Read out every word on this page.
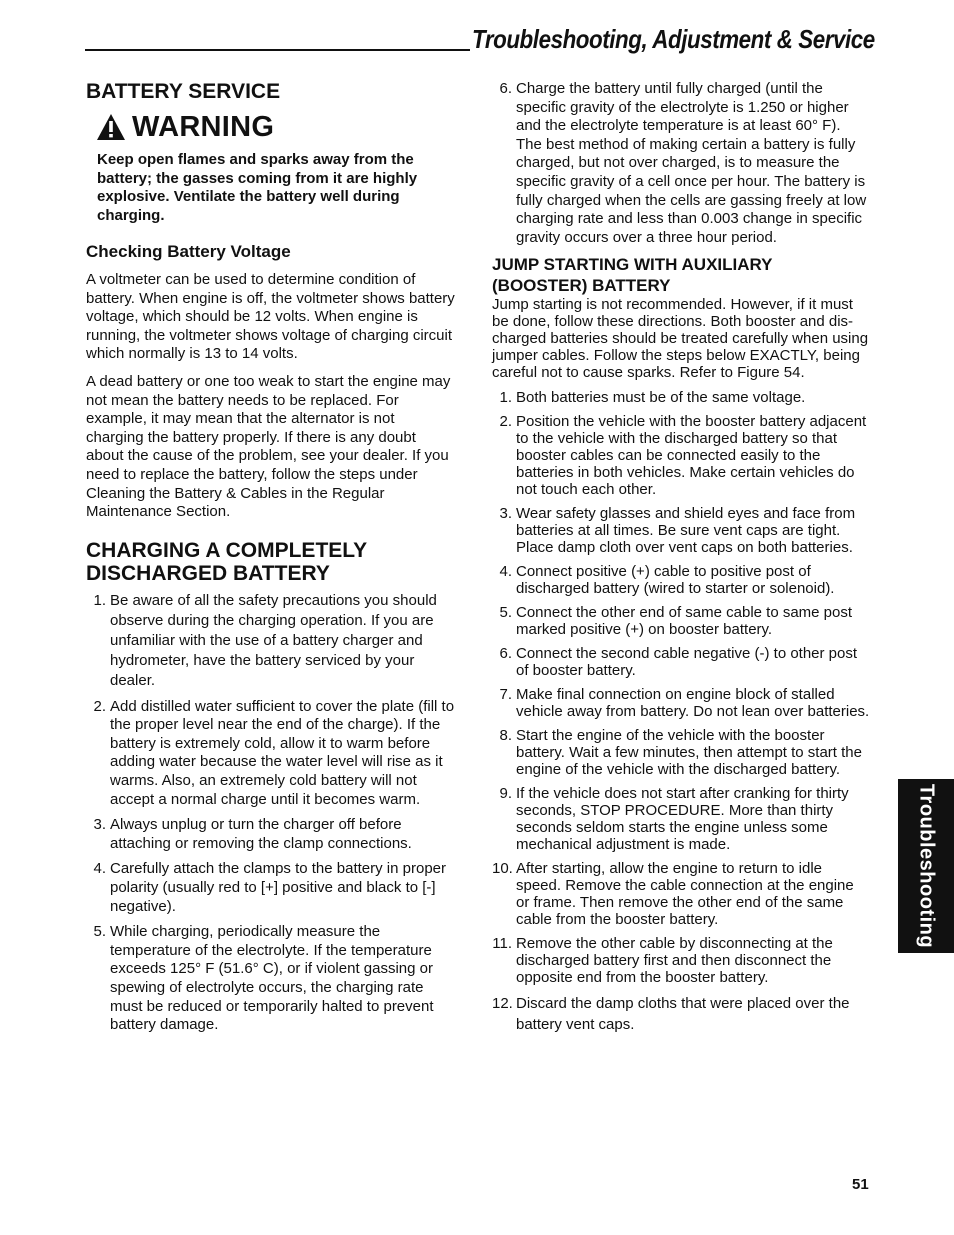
Troubleshooting, Adjustment & Service
BATTERY SERVICE
WARNING

Keep open flames and sparks away from the battery; the gasses coming from it are highly explosive. Ventilate the battery well during charging.

Checking Battery Voltage

A voltmeter can be used to determine condition of battery. When engine is off, the voltmeter shows battery voltage, which should be 12 volts. When engine is running, the voltmeter shows voltage of charging circuit which normally is 13 to 14 volts.

A dead battery or one too weak to start the engine may not mean the battery needs to be replaced. For example, it may mean that the alternator is not charging the battery properly. If there is any doubt about the cause of the problem, see your dealer. If you need to replace the battery, follow the steps under Cleaning the Battery & Cables in the Regular Maintenance Section.

CHARGING A COMPLETELY DISCHARGED BATTERY
1. Be aware of all the safety precautions you should observe during the charging operation. If you are unfamiliar with the use of a battery charger and hydrometer, have the battery serviced by your dealer.
2. Add distilled water sufficient to cover the plate (fill to the proper level near the end of the charge). If the battery is extremely cold, allow it to warm before adding water because the water level will rise as it warms. Also, an extremely cold battery will not accept a normal charge until it becomes warm.
3. Always unplug or turn the charger off before attaching or removing the clamp connections.
4. Carefully attach the clamps to the battery in proper polarity (usually red to [+] positive and black to [-] negative).
5. While charging, periodically measure the temperature of the electrolyte. If the temperature exceeds 125° F (51.6° C), or if violent gassing or spewing of electrolyte occurs, the charging rate must be reduced or temporarily halted to prevent battery damage.
6. Charge the battery until fully charged (until the specific gravity of the electrolyte is 1.250 or higher and the electrolyte temperature is at least 60° F). The best method of making certain a battery is fully charged, but not over charged, is to measure the specific gravity of a cell once per hour. The battery is fully charged when the cells are gassing freely at low charging rate and less than 0.003 change in specific gravity occurs over a three hour period.
JUMP STARTING WITH AUXILIARY (BOOSTER) BATTERY

Jump starting is not recommended. However, if it must be done, follow these directions. Both booster and dis-charged batteries should be treated carefully when using jumper cables. Follow the steps below EXACTLY, being careful not to cause sparks. Refer to Figure 54.

1. Both batteries must be of the same voltage.
2. Position the vehicle with the booster battery adjacent to the vehicle with the discharged battery so that booster cables can be connected easily to the batteries in both vehicles. Make certain vehicles do not touch each other.
3. Wear safety glasses and shield eyes and face from batteries at all times. Be sure vent caps are tight. Place damp cloth over vent caps on both batteries.
4. Connect positive (+) cable to positive post of discharged battery (wired to starter or solenoid).
5. Connect the other end of same cable to same post marked positive (+) on booster battery.
6. Connect the second cable negative (-) to other post of booster battery.
7. Make final connection on engine block of stalled vehicle away from battery. Do not lean over batteries.
8. Start the engine of the vehicle with the booster battery. Wait a few minutes, then attempt to start the engine of the vehicle with the discharged battery.
9. If the vehicle does not start after cranking for thirty seconds, STOP PROCEDURE. More than thirty seconds seldom starts the engine unless some mechanical adjustment is made.
10. After starting, allow the engine to return to idle speed. Remove the cable connection at the engine or frame. Then remove the other end of the same cable from the booster battery.
11. Remove the other cable by disconnecting at the discharged battery first and then disconnect the opposite end from the booster battery.
12. Discard the damp cloths that were placed over the battery vent caps.
Troubleshooting
51
